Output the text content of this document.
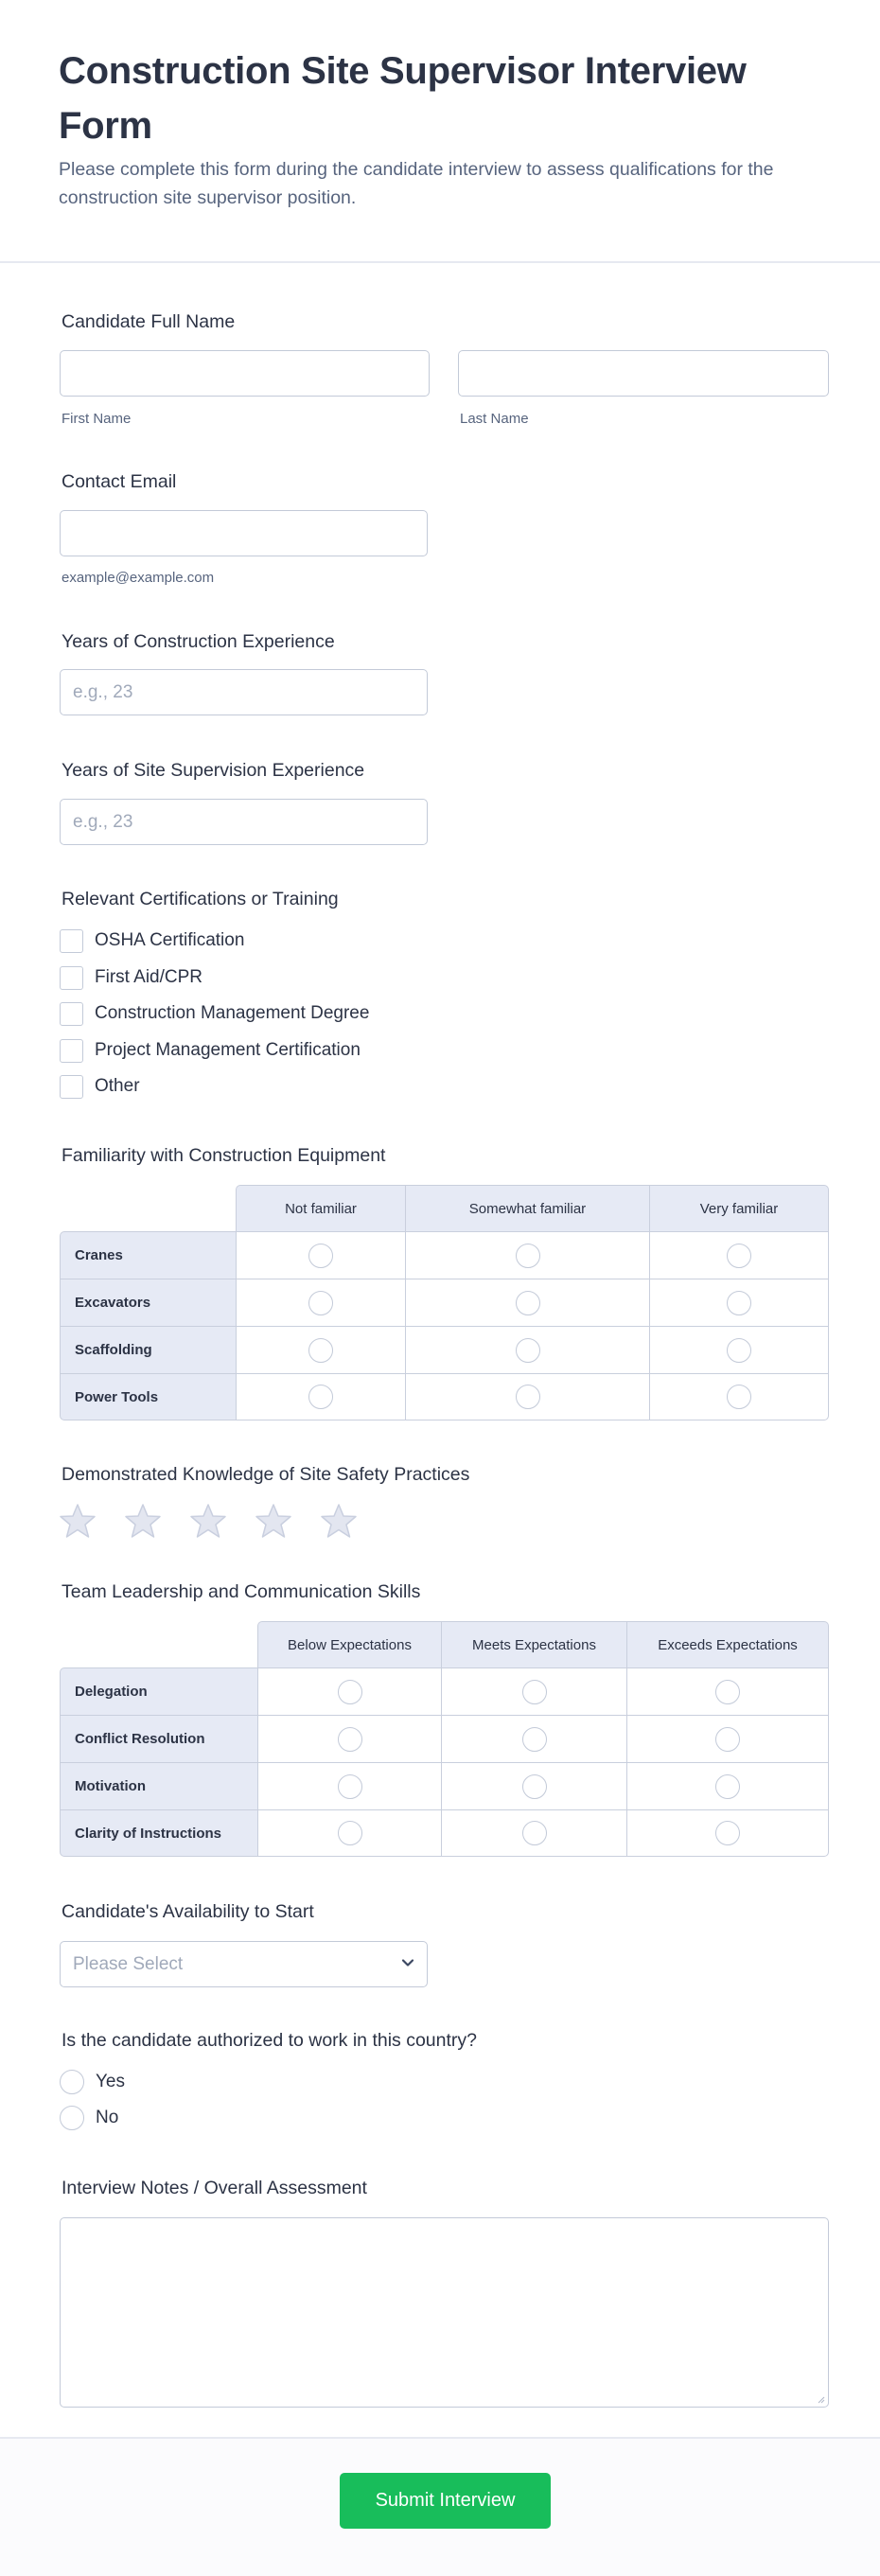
Construction Site Supervisor Interview Form

Please complete this form during the candidate interview to assess qualifications for the construction site supervisor position.

Candidate Full Name
First Name	Last Name
Contact Email
example@example.com
Years of Construction Experience
e.g., 23
Years of Site Supervision Experience
e.g., 23
Relevant Certifications or Training
OSHA Certification
First Aid/CPR
Construction Management Degree
Project Management Certification
Other
Familiarity with Construction Equipment
	Not familiar	Somewhat familiar	Very familiar
Cranes			
Excavators			
Scaffolding			
Power Tools			
Demonstrated Knowledge of Site Safety Practices
Team Leadership and Communication Skills
	Below Expectations	Meets Expectations	Exceeds Expectations
Delegation			
Conflict Resolution			
Motivation			
Clarity of Instructions			
Candidate's Availability to Start
Please Select
Is the candidate authorized to work in this country?
Yes
No
Interview Notes / Overall Assessment
Submit Interview
